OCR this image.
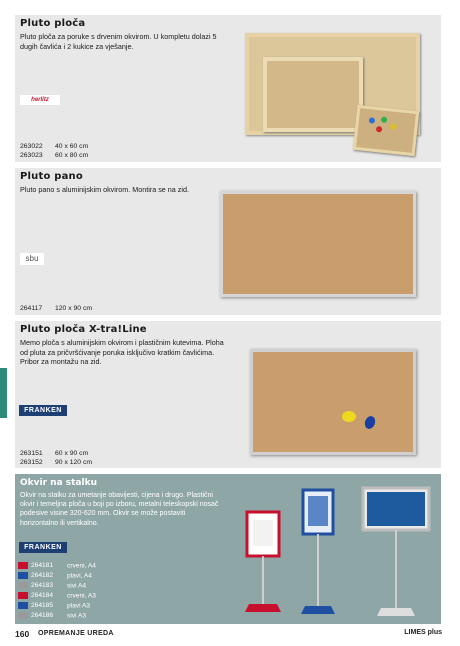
Pluto ploča
Pluto ploča za poruke s drvenim okvirom. U kompletu dolazi 5 dugih čavlića i 2 kukice za vješanje.
herlitz
263022 40 x 60 cm
263023 60 x 80 cm
Pluto pano
Pluto pano s aluminijskim okvirom. Montira se na zid.
sbu
264117 120 x 90 cm
Pluto ploča X-tra!Line
Memo ploča s aluminijskim okvirom i plastičnim kutevima. Ploha od pluta za pričvršćivanje poruka isključivo kratkim čavlićima. Pribor za montažu na zid.
FRANKEN
263151 60 x 90 cm
263152 90 x 120 cm
Okvir na stalku
Okvir na stalku za umetanje obavijesti, cijena i drugo. Plastični okvir i temeljna ploča u boji po izboru, metalni teleskopski nosač podesive visine 320-620 mm. Okvir se može postaviti horizontalno ili vertikalno.
FRANKEN
264181 crveni, A4
264182 plavi, A4
264183 sivi A4
264184 crveni, A3
264185 plavi A3
264186 sivi A3
160 OPREMANJE UREDA	LIMES plus
